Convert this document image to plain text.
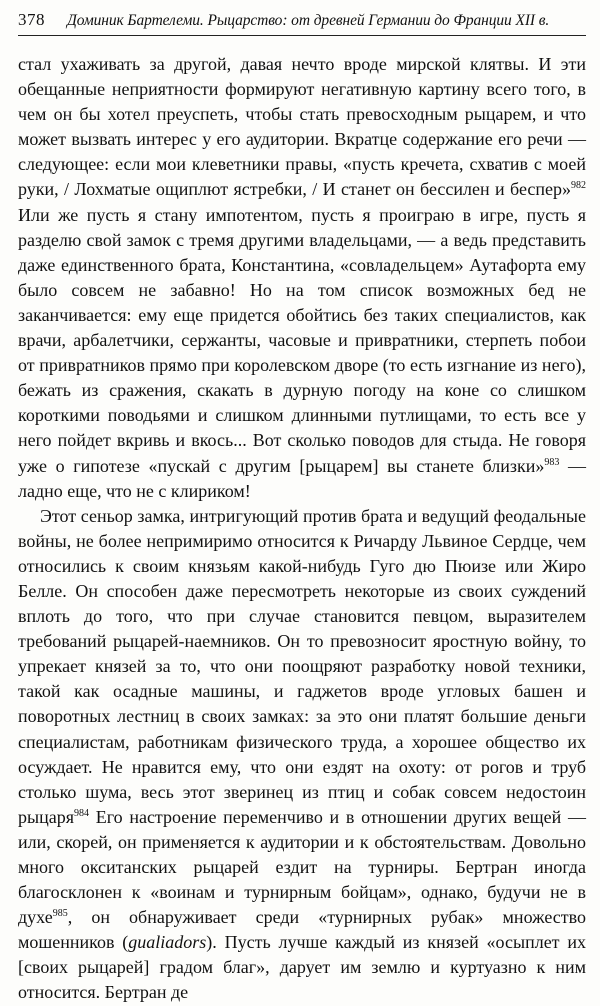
378 Доминик Бартелеми. Рыцарство: от древней Германии до Франции XII в.

стал ухаживать за другой, давая нечто вроде мирской клятвы. И эти обещанные неприятности формируют негативную картину всего того, в чем он бы хотел преуспеть, чтобы стать превосходным рыцарем, и что может вызвать интерес у его аудитории. Вкратце содержание его речи — следующее: если мои клеветники правы, «пусть кречета, схватив с моей руки, / Лохматые ощиплют ястребки, / И станет он бессилен и беспер»$^{982}$ Или же пусть я стану импотентом, пусть я проиграю в игре, пусть я разделю свой замок с тремя другими владельцами, — а ведь представить даже единственного брата, Константина, «совладельцем» Аутафорта ему было совсем не забавно! Но на том список возможных бед не заканчивается: ему еще придется обойтись без таких специалистов, как врачи, арбалетчики, сержанты, часовые и привратники, стерпеть побои от привратников прямо при королевском дворе (то есть изгнание из него), бежать из сражения, скакать в дурную погоду на коне со слишком короткими поводьями и слишком длинными путлищами, то есть все у него пойдет вкривь и вкось... Вот сколько поводов для стыда. Не говоря уже о гипотезе «пускай с другим [рыцарем] вы станете близки»$^{983}$ — ладно еще, что не с клириком!

Этот сеньор замка, интригующий против брата и ведущий феодальные войны, не более непримиримо относится к Ричарду Львиное Сердце, чем относились к своим князьям какой-нибудь Гуго дю Пюизе или Жиро Белле. Он способен даже пересмотреть некоторые из своих суждений вплоть до того, что при случае становится певцом, выразителем требований рыцарей-наемников. Он то превозносит яростную войну, то упрекает князей за то, что они поощряют разработку новой техники, такой как осадные машины, и гаджетов вроде угловых башен и поворотных лестниц в своих замках: за это они платят большие деньги специалистам, работникам физического труда, а хорошее общество их осуждает. Не нравится ему, что они ездят на охоту: от рогов и труб столько шума, весь этот зверинец из птиц и собак совсем недостоин рыцаря$^{984}$ Его настроение переменчиво и в отношении других вещей — или, скорей, он применяется к аудитории и к обстоятельствам. Довольно много окситанских рыцарей ездит на турниры. Бертран иногда благосклонен к «воинам и турнирным бойцам», однако, будучи не в духе$^{985}$, он обнаруживает среди «турнирных рубак» множество мошенников (gualiadors). Пусть лучше каждый из князей «осыплет их [своих рыцарей] градом благ», дарует им землю и куртуазно к ним относится. Бертран де
